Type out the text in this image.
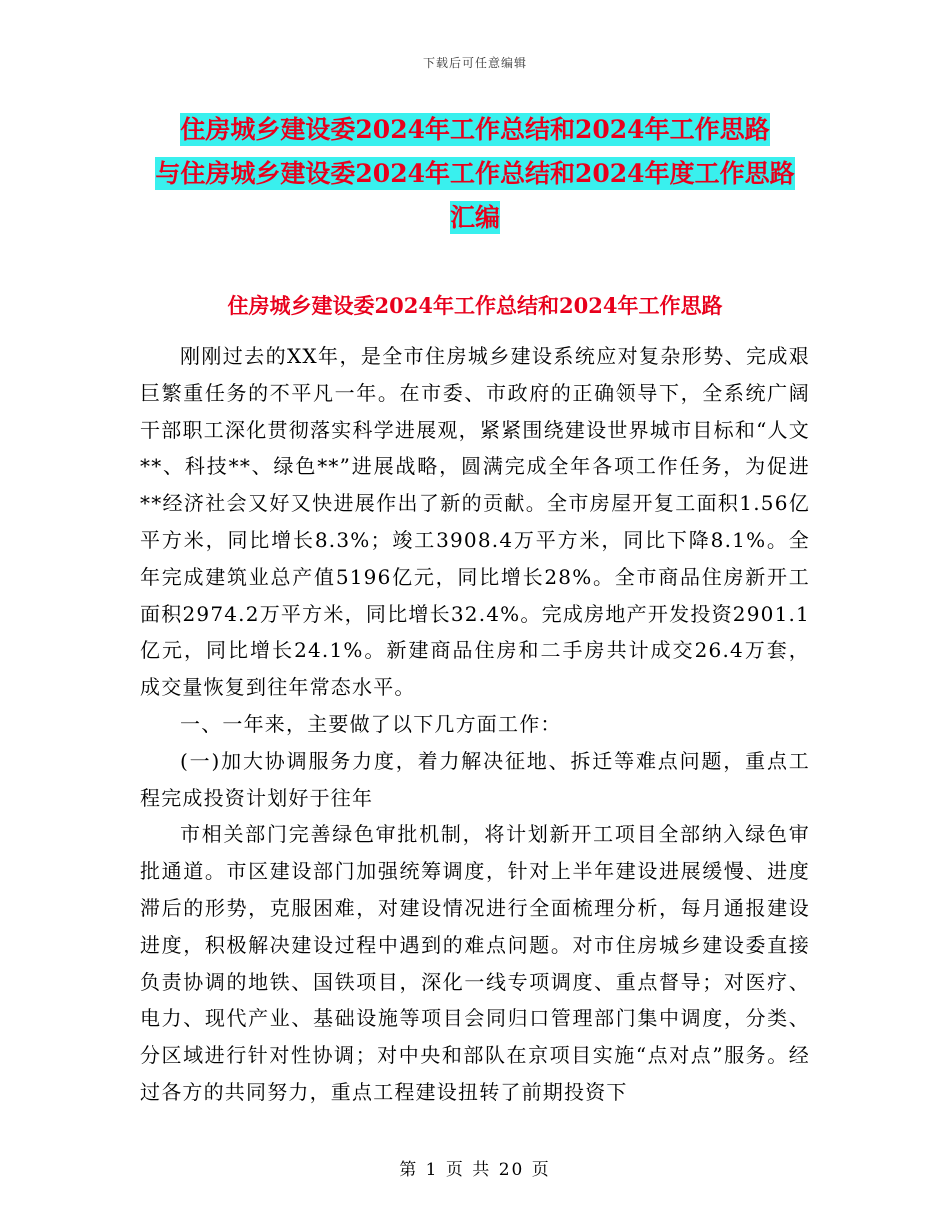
下载后可任意编辑
住房城乡建设委2024年工作总结和2024年工作思路
与住房城乡建设委2024年工作总结和2024年度工作思路
汇编
住房城乡建设委2024年工作总结和2024年工作思路

刚刚过去的XX年，是全市住房城乡建设系统应对复杂形势、完成艰巨繁重任务的不平凡一年。在市委、市政府的正确领导下，全系统广阔干部职工深化贯彻落实科学进展观，紧紧围绕建设世界城市目标和“人文**、科技**、绿色**”进展战略，圆满完成全年各项工作任务，为促进**经济社会又好又快进展作出了新的贡献。全市房屋开复工面积1.56亿平方米，同比增长8.3%；竣工3908.4万平方米，同比下降8.1%。全年完成建筑业总产值5196亿元，同比增长28%。全市商品住房新开工面积2974.2万平方米，同比增长32.4%。完成房地产开发投资2901.1亿元，同比增长24.1%。新建商品住房和二手房共计成交26.4万套，成交量恢复到往年常态水平。

一、一年来，主要做了以下几方面工作：

(一)加大协调服务力度，着力解决征地、拆迁等难点问题，重点工程完成投资计划好于往年

市相关部门完善绿色审批机制，将计划新开工项目全部纳入绿色审批通道。市区建设部门加强统筹调度，针对上半年建设进展缓慢、进度滞后的形势，克服困难，对建设情况进行全面梳理分析，每月通报建设进度，积极解决建设过程中遇到的难点问题。对市住房城乡建设委直接负责协调的地铁、国铁项目，深化一线专项调度、重点督导；对医疗、电力、现代产业、基础设施等项目会同归口管理部门集中调度，分类、分区域进行针对性协调；对中央和部队在京项目实施“点对点”服务。经过各方的共同努力，重点工程建设扭转了前期投资下

第 1 页 共 20 页
